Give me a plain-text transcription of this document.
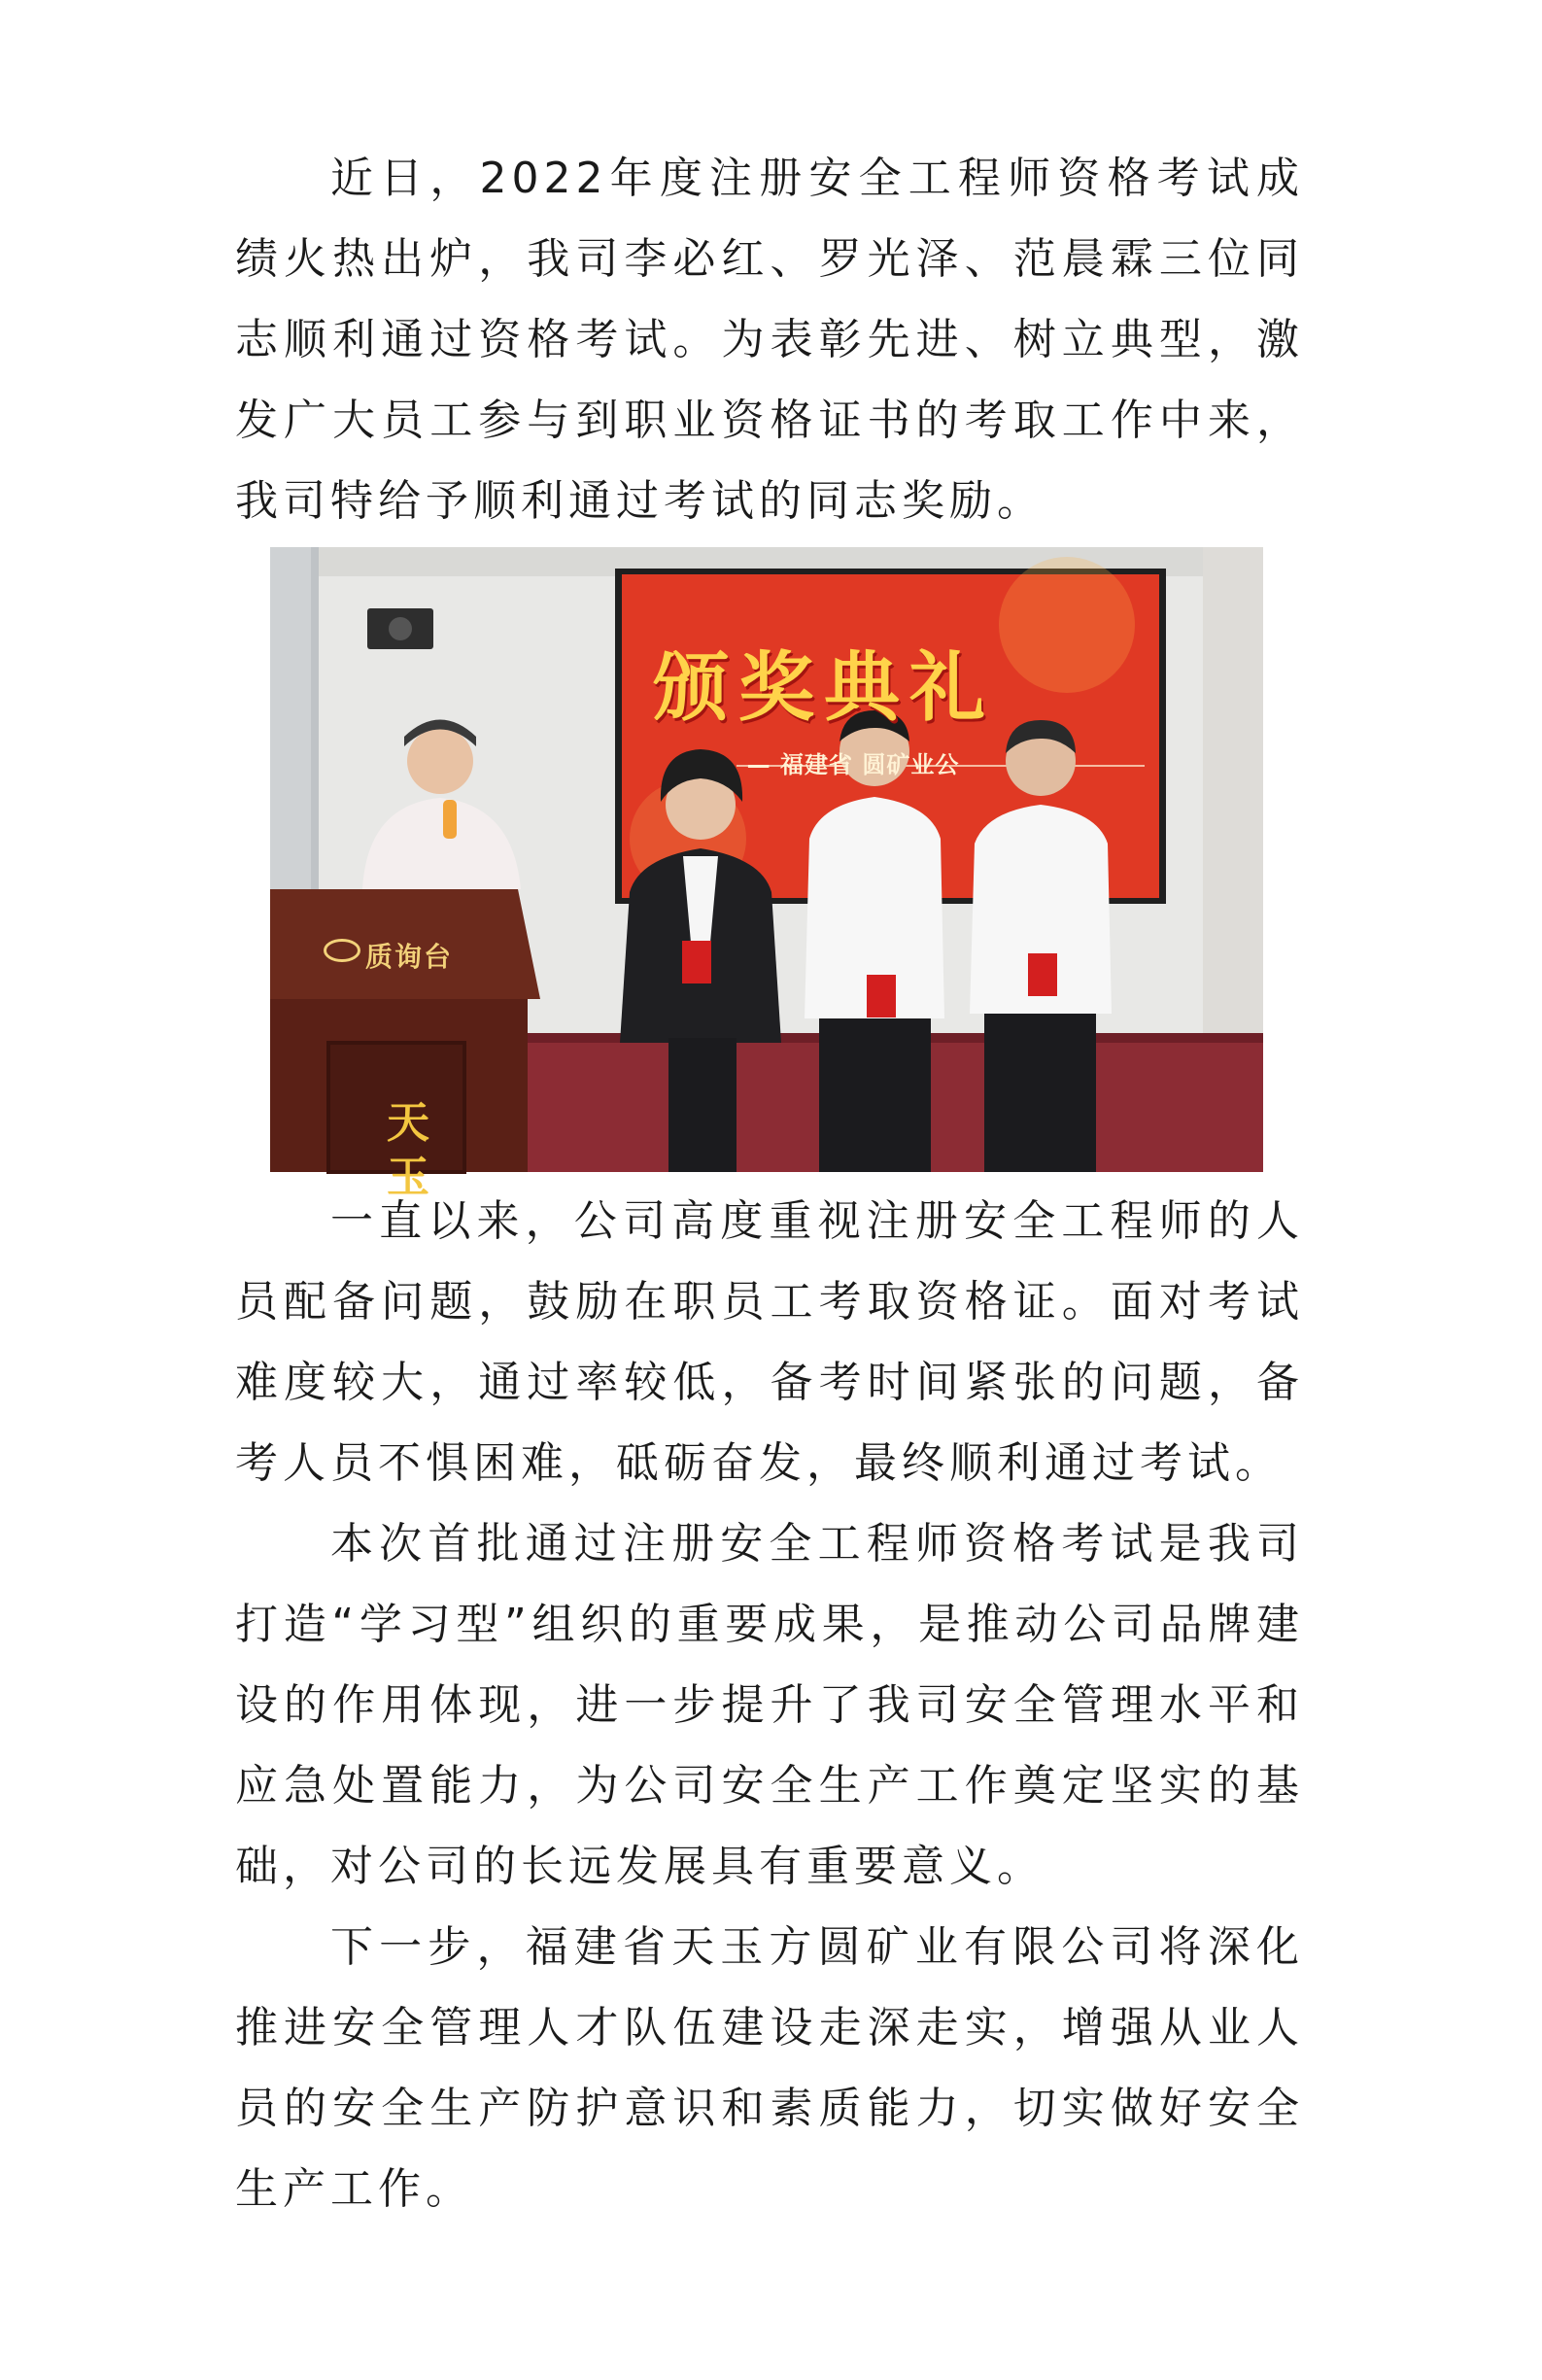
近日，2022年度注册安全工程师资格考试成绩火热出炉，我司李必红、罗光泽、范晨霖三位同志顺利通过资格考试。为表彰先进、树立典型，激发广大员工参与到职业资格证书的考取工作中来，我司特给予顺利通过考试的同志奖励。

颁奖典礼
— 福建省 圆矿业公
质询台
天玉

一直以来，公司高度重视注册安全工程师的人员配备问题，鼓励在职员工考取资格证。面对考试难度较大，通过率较低，备考时间紧张的问题，备考人员不惧困难，砥砺奋发，最终顺利通过考试。

本次首批通过注册安全工程师资格考试是我司打造“学习型”组织的重要成果，是推动公司品牌建设的作用体现，进一步提升了我司安全管理水平和应急处置能力，为公司安全生产工作奠定坚实的基础，对公司的长远发展具有重要意义。

下一步，福建省天玉方圆矿业有限公司将深化推进安全管理人才队伍建设走深走实，增强从业人员的安全生产防护意识和素质能力，切实做好安全生产工作。
